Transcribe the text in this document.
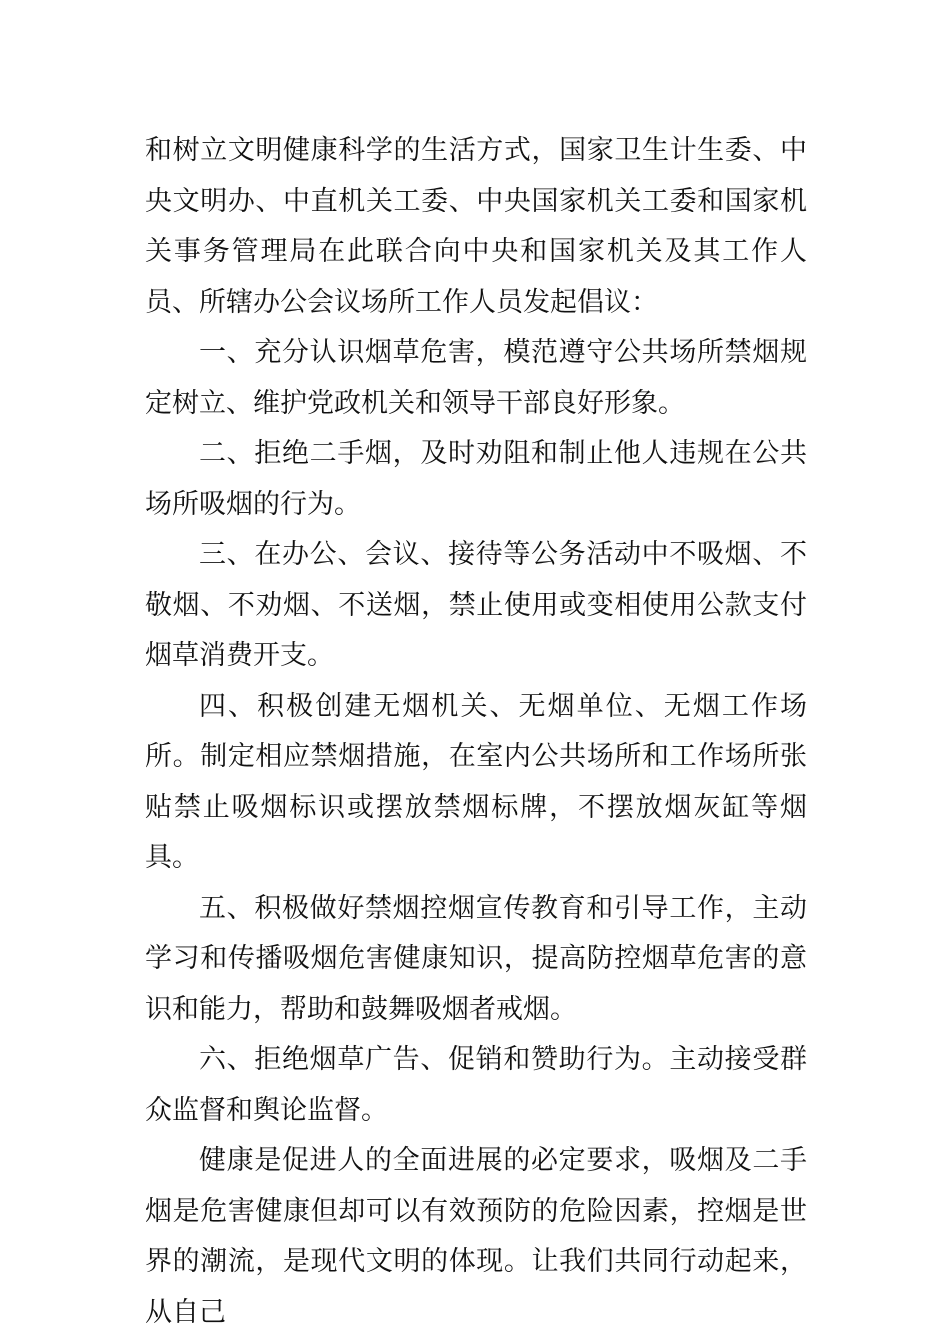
和树立文明健康科学的生活方式，国家卫生计生委、中央文明办、中直机关工委、中央国家机关工委和国家机关事务管理局在此联合向中央和国家机关及其工作人员、所辖办公会议场所工作人员发起倡议：

一、充分认识烟草危害，模范遵守公共场所禁烟规定树立、维护党政机关和领导干部良好形象。

二、拒绝二手烟，及时劝阻和制止他人违规在公共场所吸烟的行为。

三、在办公、会议、接待等公务活动中不吸烟、不敬烟、不劝烟、不送烟，禁止使用或变相使用公款支付烟草消费开支。

四、积极创建无烟机关、无烟单位、无烟工作场所。制定相应禁烟措施，在室内公共场所和工作场所张贴禁止吸烟标识或摆放禁烟标牌，不摆放烟灰缸等烟具。

五、积极做好禁烟控烟宣传教育和引导工作，主动学习和传播吸烟危害健康知识，提高防控烟草危害的意识和能力，帮助和鼓舞吸烟者戒烟。

六、拒绝烟草广告、促销和赞助行为。主动接受群众监督和舆论监督。

健康是促进人的全面进展的必定要求，吸烟及二手烟是危害健康但却可以有效预防的危险因素，控烟是世界的潮流，是现代文明的体现。让我们共同行动起来，从自己
